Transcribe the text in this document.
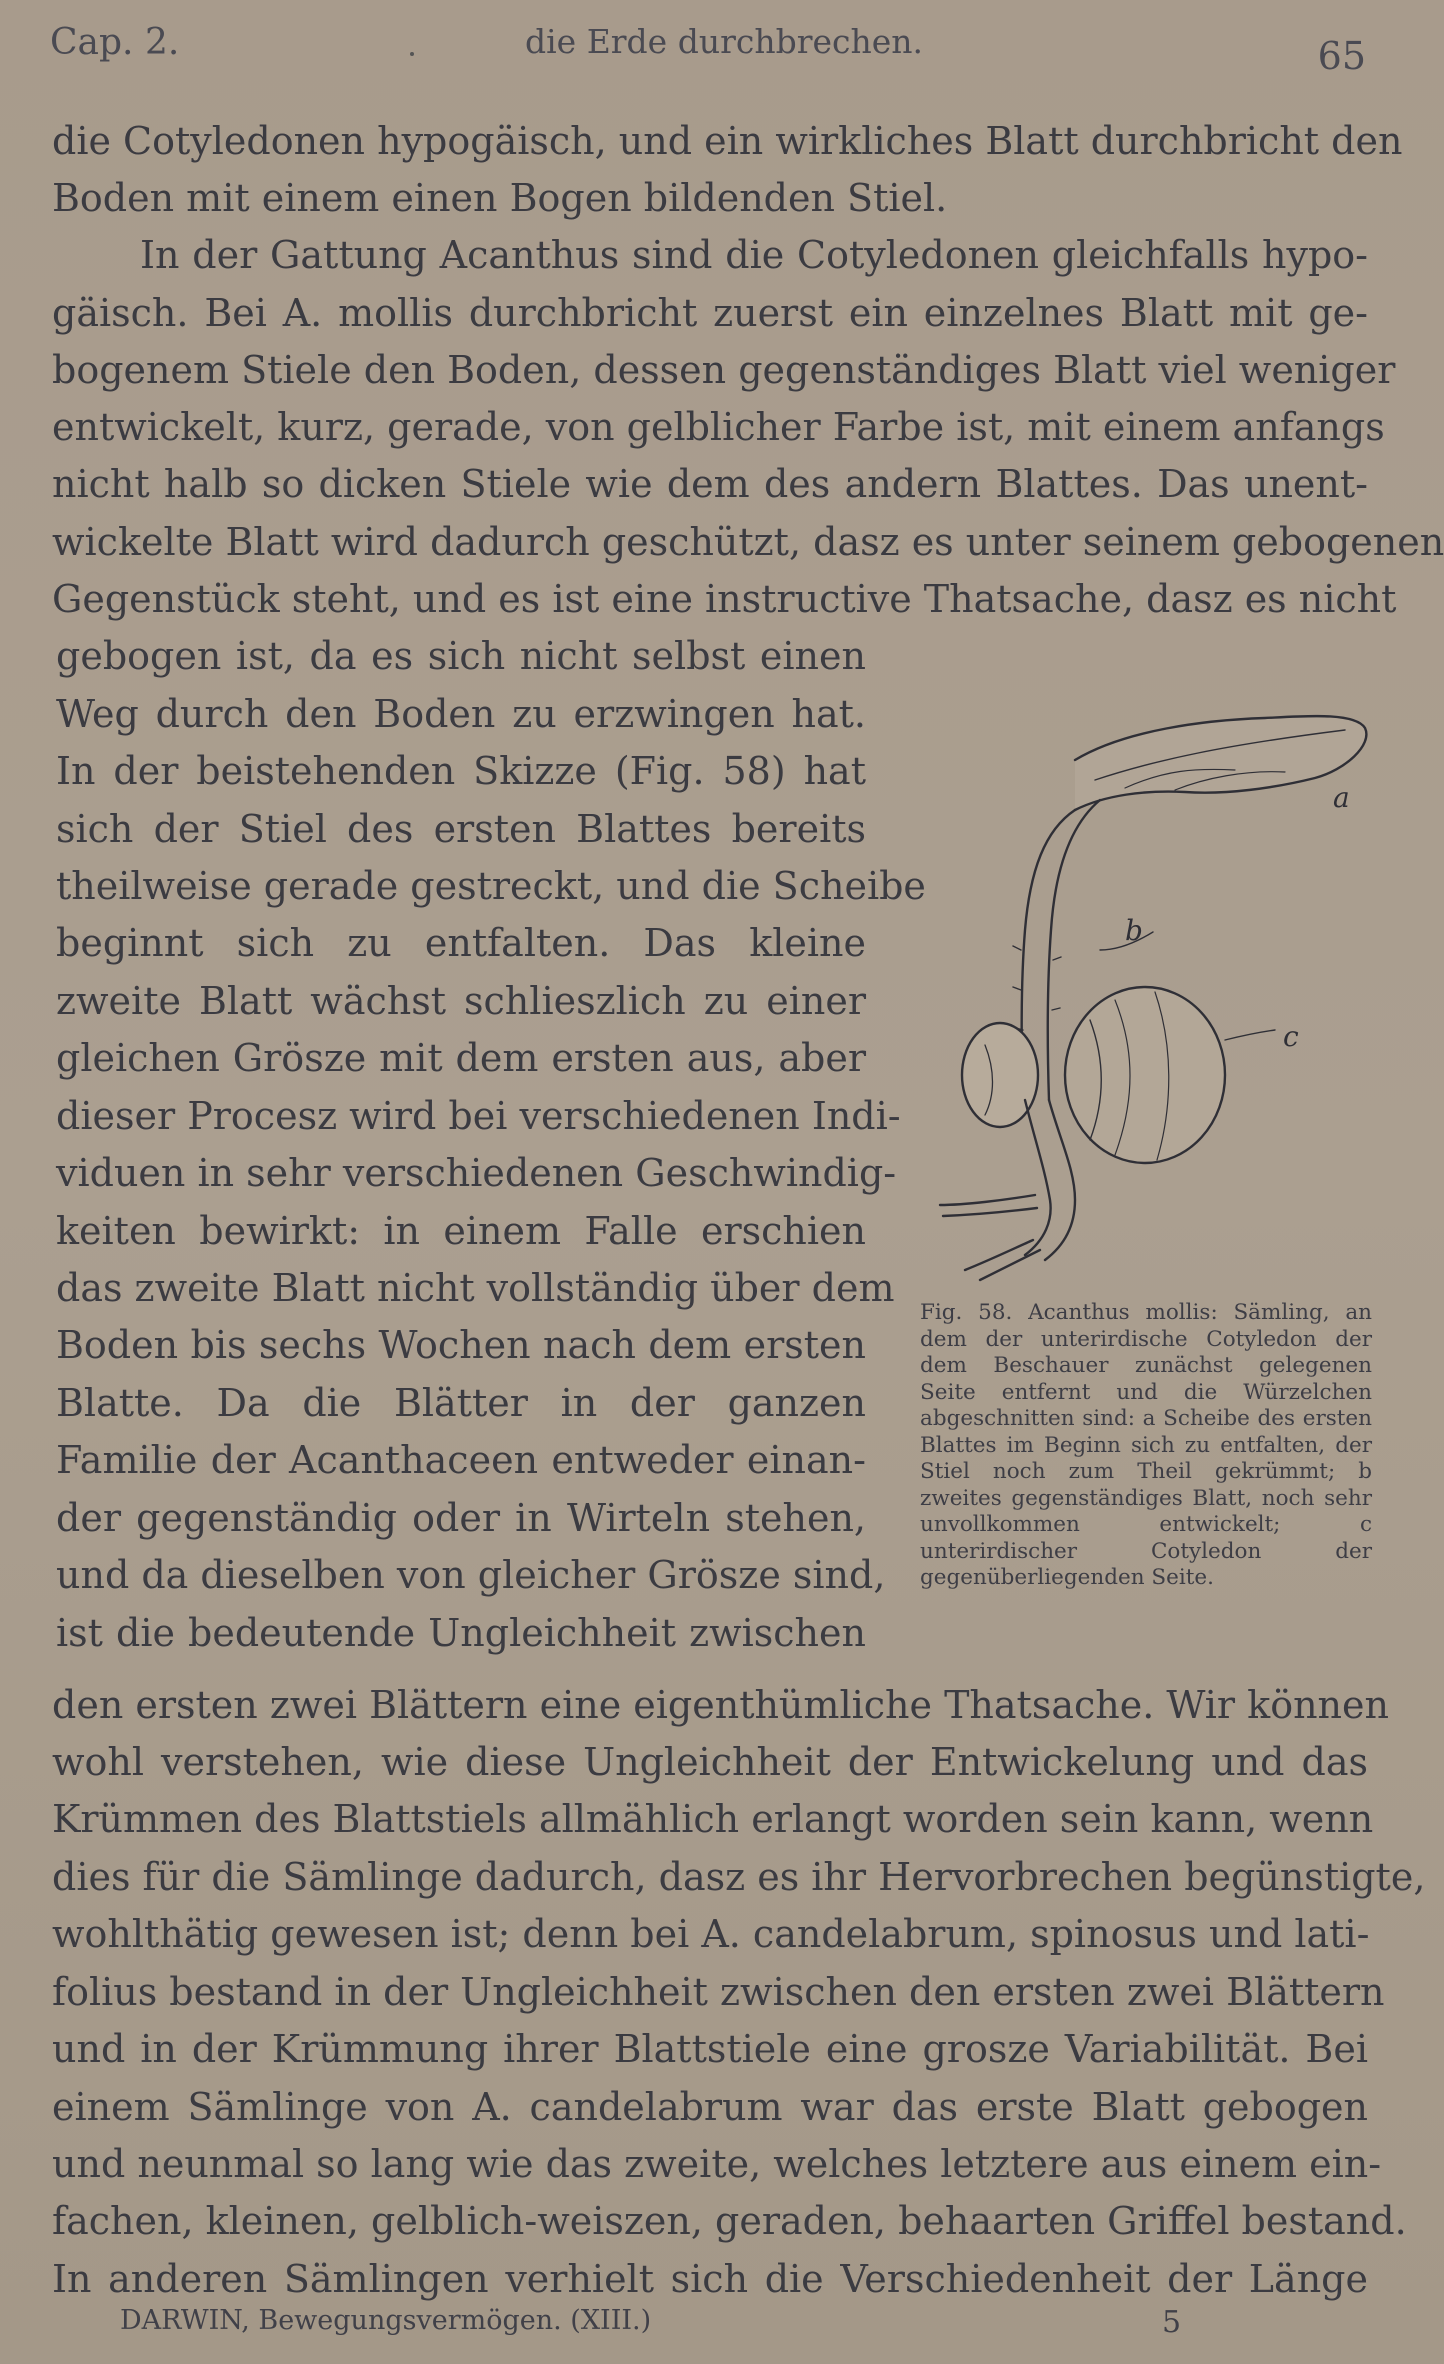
Cap. 2.	die Erde durchbrechen.	65
die Cotyledonen hypogäisch, und ein wirkliches Blatt durchbricht den
Boden mit einem einen Bogen bildenden Stiel.
In der Gattung Acanthus sind die Cotyledonen gleichfalls hypo-
gäisch. Bei A. mollis durchbricht zuerst ein einzelnes Blatt mit ge-
bogenem Stiele den Boden, dessen gegenständiges Blatt viel weniger
entwickelt, kurz, gerade, von gelblicher Farbe ist, mit einem anfangs
nicht halb so dicken Stiele wie dem des andern Blattes. Das unent-
wickelte Blatt wird dadurch geschützt, dasz es unter seinem gebogenen
Gegenstück steht, und es ist eine instructive Thatsache, dasz es nicht
gebogen ist, da es sich nicht selbst einen
Weg durch den Boden zu erzwingen hat.
In der beistehenden Skizze (Fig. 58) hat
sich der Stiel des ersten Blattes bereits
theilweise gerade gestreckt, und die Scheibe
beginnt sich zu entfalten. Das kleine
zweite Blatt wächst schlieszlich zu einer
gleichen Grösze mit dem ersten aus, aber
dieser Procesz wird bei verschiedenen Indi-
viduen in sehr verschiedenen Geschwindig-
keiten bewirkt: in einem Falle erschien
das zweite Blatt nicht vollständig über dem
Boden bis sechs Wochen nach dem ersten
Blatte. Da die Blätter in der ganzen
Familie der Acanthaceen entweder einan-
der gegenständig oder in Wirteln stehen,
und da dieselben von gleicher Grösze sind,
ist die bedeutende Ungleichheit zwischen
den ersten zwei Blättern eine eigenthümliche Thatsache. Wir können
wohl verstehen, wie diese Ungleichheit der Entwickelung und das
Krümmen des Blattstiels allmählich erlangt worden sein kann, wenn
dies für die Sämlinge dadurch, dasz es ihr Hervorbrechen begünstigte,
wohlthätig gewesen ist; denn bei A. candelabrum, spinosus und lati-
folius bestand in der Ungleichheit zwischen den ersten zwei Blättern
und in der Krümmung ihrer Blattstiele eine grosze Variabilität. Bei
einem Sämlinge von A. candelabrum war das erste Blatt gebogen
und neunmal so lang wie das zweite, welches letztere aus einem ein-
fachen, kleinen, gelblich-weiszen, geraden, behaarten Griffel bestand.
In anderen Sämlingen verhielt sich die Verschiedenheit der Länge
a
b
c

Fig. 58. Acanthus mollis: Sämling, an dem der unterirdische Cotyledon der dem Beschauer zunächst gelegenen Seite entfernt und die Würzelchen abgeschnitten sind: a Scheibe des ersten Blattes im Beginn sich zu entfalten, der Stiel noch zum Theil gekrümmt; b zweites gegenständiges Blatt, noch sehr unvollkommen entwickelt; c unterirdischer Cotyledon der gegenüberliegenden Seite.

DARWIN, Bewegungsvermögen. (XIII.)	5
